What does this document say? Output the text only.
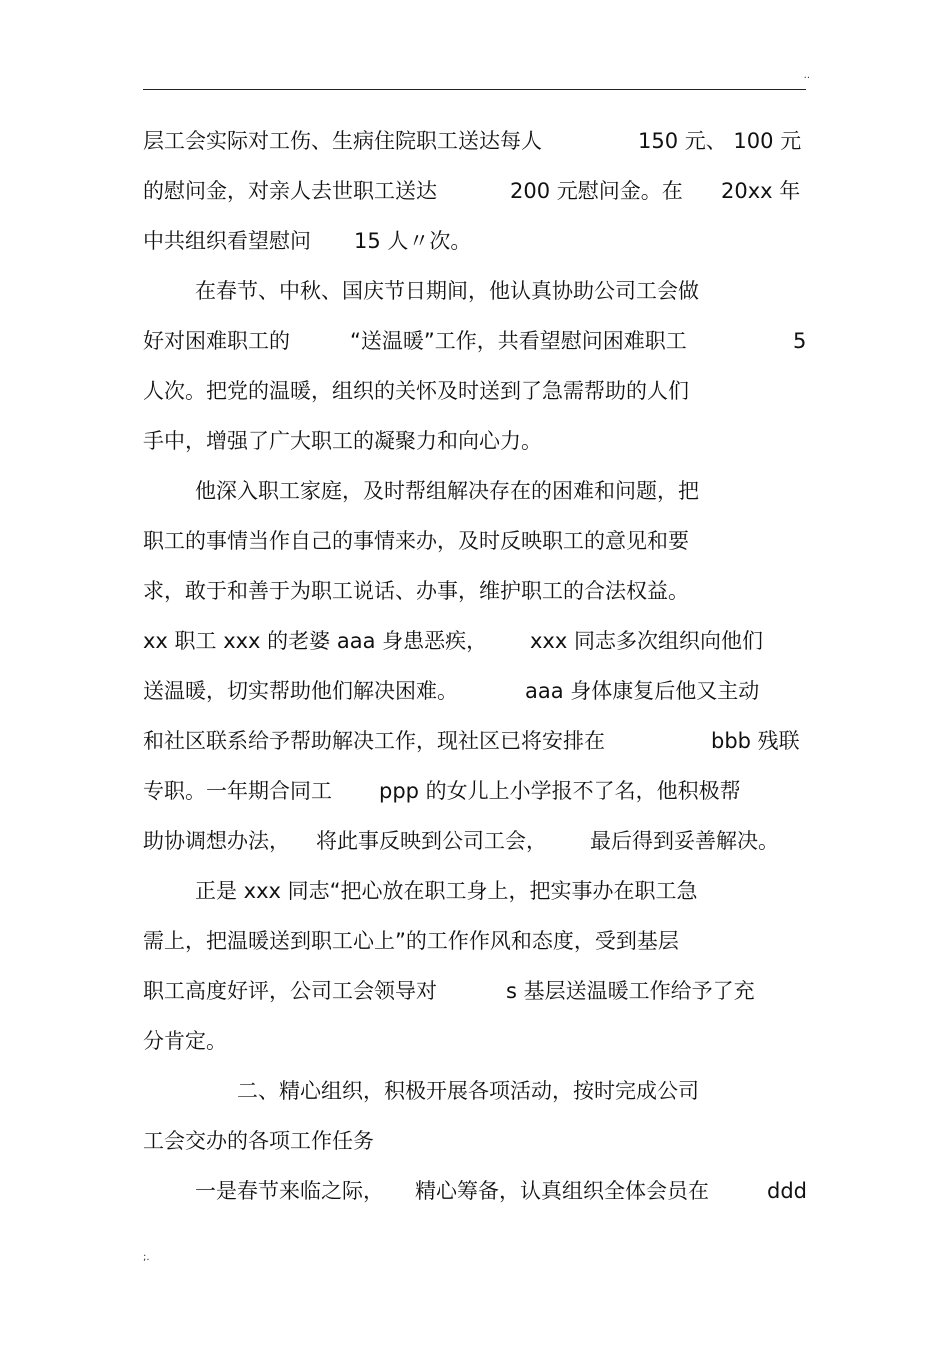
..
层工会实际对工伤、生病住院职工送达每人	150 元、 100 元
的慰问金，对亲人去世职工送达	200 元慰问金。在 20xx 年
中共组织看望慰问 15 人〃次。
在春节、中秋、国庆节日期间，他认真协助公司工会做
好对困难职工的	“送温暖”工作，共看望慰问困难职工	5
人次。把党的温暖，组织的关怀及时送到了急需帮助的人们
手中，增强了广大职工的凝聚力和向心力。
他深入职工家庭，及时帮组解决存在的困难和问题，把
职工的事情当作自己的事情来办，及时反映职工的意见和要
求，敢于和善于为职工说话、办事，维护职工的合法权益。
xx 职工 xxx 的老婆 aaa 身患恶疾， xxx 同志多次组织向他们
送温暖，切实帮助他们解决困难。	aaa 身体康复后他又主动
和社区联系给予帮助解决工作，现社区已将安排在	bbb 残联
专职。一年期合同工 ppp 的女儿上小学报不了名，他积极帮
助协调想办法， 将此事反映到公司工会， 最后得到妥善解决。
正是 xxx 同志“把心放在职工身上，把实事办在职工急
需上，把温暖送到职工心上”的工作作风和态度，受到基层
职工高度好评，公司工会领导对	s 基层送温暖工作给予了充
分肯定。
二、精心组织，积极开展各项活动，按时完成公司
工会交办的各项工作任务
一是春节来临之际， 精心筹备，认真组织全体会员在	ddd
;.
